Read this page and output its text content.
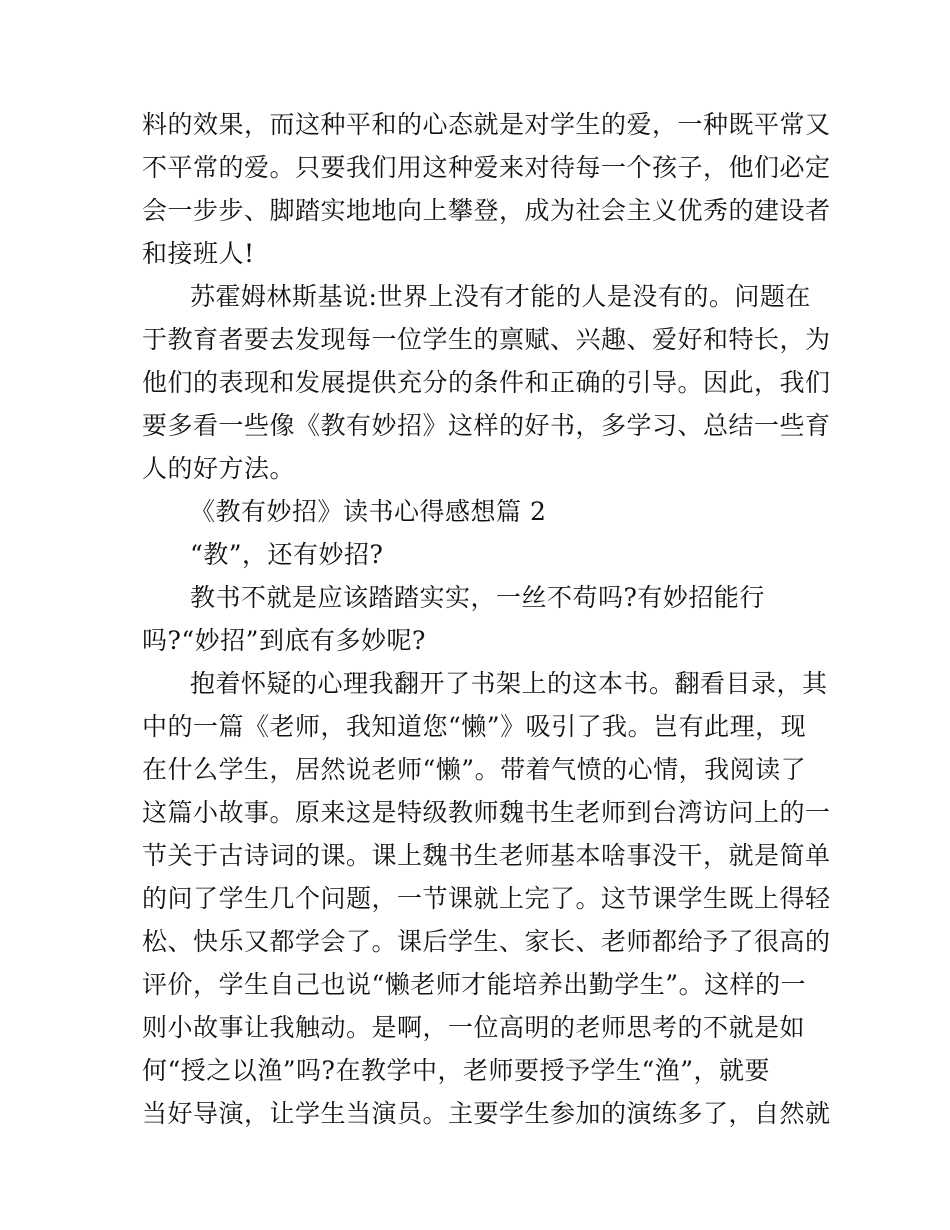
料的效果，而这种平和的心态就是对学生的爱，一种既平常又
不平常的爱。只要我们用这种爱来对待每一个孩子，他们必定
会一步步、脚踏实地地向上攀登，成为社会主义优秀的建设者
和接班人!
苏霍姆林斯基说:世界上没有才能的人是没有的。问题在
于教育者要去发现每一位学生的禀赋、兴趣、爱好和特长，为
他们的表现和发展提供充分的条件和正确的引导。因此，我们
要多看一些像《教有妙招》这样的好书，多学习、总结一些育
人的好方法。
《教有妙招》读书心得感想篇 2
“教”，还有妙招?
教书不就是应该踏踏实实，一丝不苟吗?有妙招能行
吗?“妙招”到底有多妙呢?
抱着怀疑的心理我翻开了书架上的这本书。翻看目录，其
中的一篇《老师，我知道您“懒”》吸引了我。岂有此理，现
在什么学生，居然说老师“懒”。带着气愤的心情，我阅读了
这篇小故事。原来这是特级教师魏书生老师到台湾访问上的一
节关于古诗词的课。课上魏书生老师基本啥事没干，就是简单
的问了学生几个问题，一节课就上完了。这节课学生既上得轻
松、快乐又都学会了。课后学生、家长、老师都给予了很高的
评价，学生自己也说“懒老师才能培养出勤学生”。这样的一
则小故事让我触动。是啊，一位高明的老师思考的不就是如
何“授之以渔”吗?在教学中，老师要授予学生“渔”，就要
当好导演，让学生当演员。主要学生参加的演练多了，自然就
